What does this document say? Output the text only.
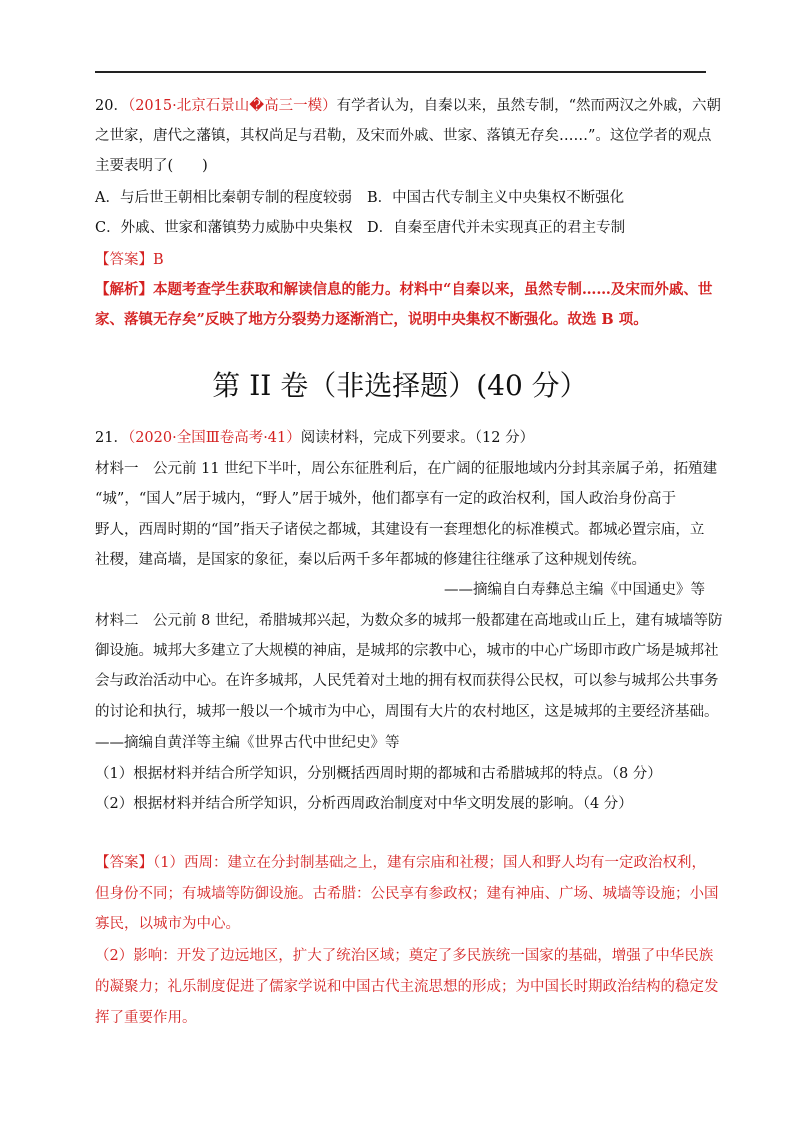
20．（2015·北京石景山�高三一模）有学者认为，自秦以来，虽然专制，“然而两汉之外戚，六朝
之世家，唐代之藩镇，其权尚足与君勒，及宋而外戚、世家、落镇无存矣……”。这位学者的观点
主要表明了(　　)
A．与后世王朝相比秦朝专制的程度较弱 B．中国古代专制主义中央集权不断强化
C．外戚、世家和藩镇势力威胁中央集权 D．自秦至唐代并未实现真正的君主专制
【答案】B
【解析】本题考查学生获取和解读信息的能力。材料中“自秦以来，虽然专制……及宋而外戚、世
家、落镇无存矣”反映了地方分裂势力逐渐消亡，说明中央集权不断强化。故选 B 项。
第 II 卷（非选择题）(40 分）
21．（2020·全国Ⅲ卷高考·41）阅读材料，完成下列要求。（12 分）
材料一　公元前 11 世纪下半叶，周公东征胜利后，在广阔的征服地域内分封其亲属子弟，拓殖建
“城”，“国人”居于城内，“野人”居于城外，他们都享有一定的政治权利，国人政治身份高于
野人，西周时期的“国”指天子诸侯之都城，其建设有一套理想化的标准模式。都城必置宗庙，立
社稷，建高墙，是国家的象征，秦以后两千多年都城的修建往往继承了这种规划传统。
——摘编自白寿彝总主编《中国通史》等
材料二　公元前 8 世纪，希腊城邦兴起，为数众多的城邦一般都建在高地或山丘上，建有城墙等防
御设施。城邦大多建立了大规模的神庙，是城邦的宗教中心，城市的中心广场即市政广场是城邦社
会与政治活动中心。在许多城邦，人民凭着对土地的拥有权而获得公民权，可以参与城邦公共事务
的讨论和执行，城邦一般以一个城市为中心，周围有大片的农村地区，这是城邦的主要经济基础。
——摘编自黄洋等主编《世界古代中世纪史》等
（1）根据材料并结合所学知识，分别概括西周时期的都城和古希腊城邦的特点。（8 分）
（2）根据材料并结合所学知识，分析西周政治制度对中华文明发展的影响。（4 分）
【答案】（1）西周：建立在分封制基础之上，建有宗庙和社稷；国人和野人均有一定政治权利，
但身份不同；有城墙等防御设施。古希腊：公民享有参政权；建有神庙、广场、城墙等设施；小国
寡民，以城市为中心。
（2）影响：开发了边远地区，扩大了统治区域；奠定了多民族统一国家的基础，增强了中华民族
的凝聚力；礼乐制度促进了儒家学说和中国古代主流思想的形成；为中国长时期政治结构的稳定发
挥了重要作用。
